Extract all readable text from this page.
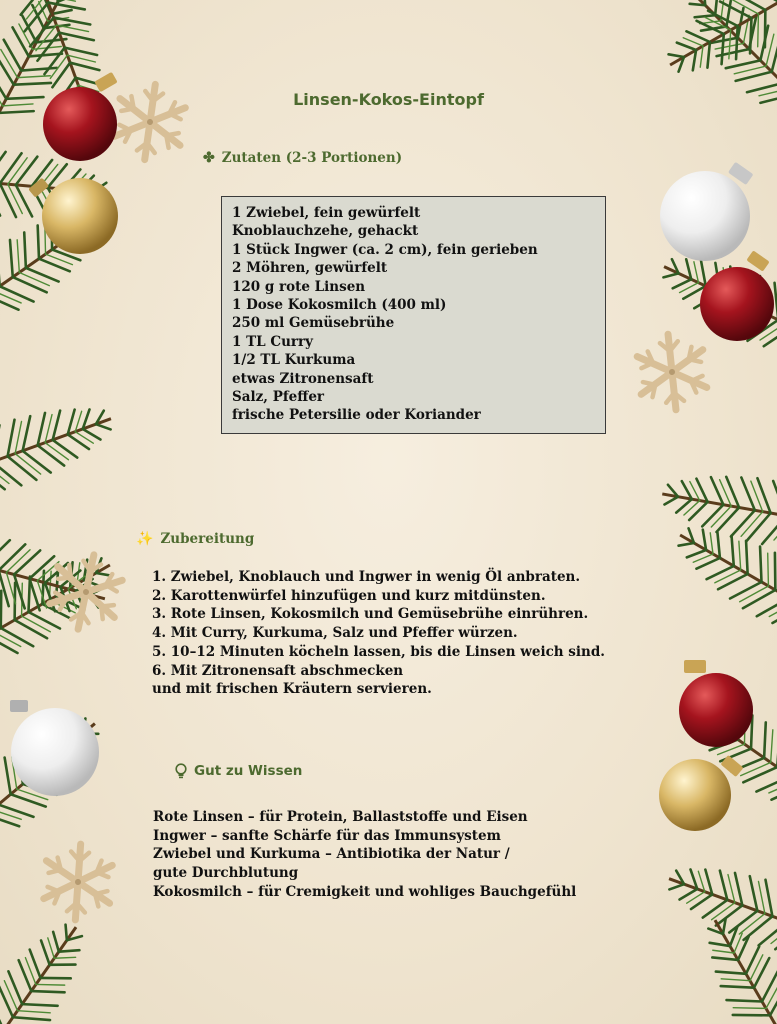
Linsen-Kokos-Eintopf
✤ Zutaten (2-3 Portionen)
1 Zwiebel, fein gewürfelt
Knoblauchzehe, gehackt
1 Stück Ingwer (ca. 2 cm), fein gerieben
2 Möhren, gewürfelt
120 g rote Linsen
1 Dose Kokosmilch (400 ml)
250 ml Gemüsebrühe
1 TL Curry
1/2 TL Kurkuma
etwas Zitronensaft
Salz, Pfeffer
frische Petersilie oder Koriander
✨ Zubereitung
1. Zwiebel, Knoblauch und Ingwer in wenig Öl anbraten.
2. Karottenwürfel hinzufügen und kurz mitdünsten.
3. Rote Linsen, Kokosmilch und Gemüsebrühe einrühren.
4. Mit Curry, Kurkuma, Salz und Pfeffer würzen.
5. 10–12 Minuten köcheln lassen, bis die Linsen weich sind.
6. Mit Zitronensaft abschmecken
und mit frischen Kräutern servieren.
Gut zu Wissen
Rote Linsen – für Protein, Ballaststoffe und Eisen
Ingwer – sanfte Schärfe für das Immunsystem
Zwiebel und Kurkuma – Antibiotika der Natur /
gute Durchblutung
Kokosmilch – für Cremigkeit und wohliges Bauchgefühl
